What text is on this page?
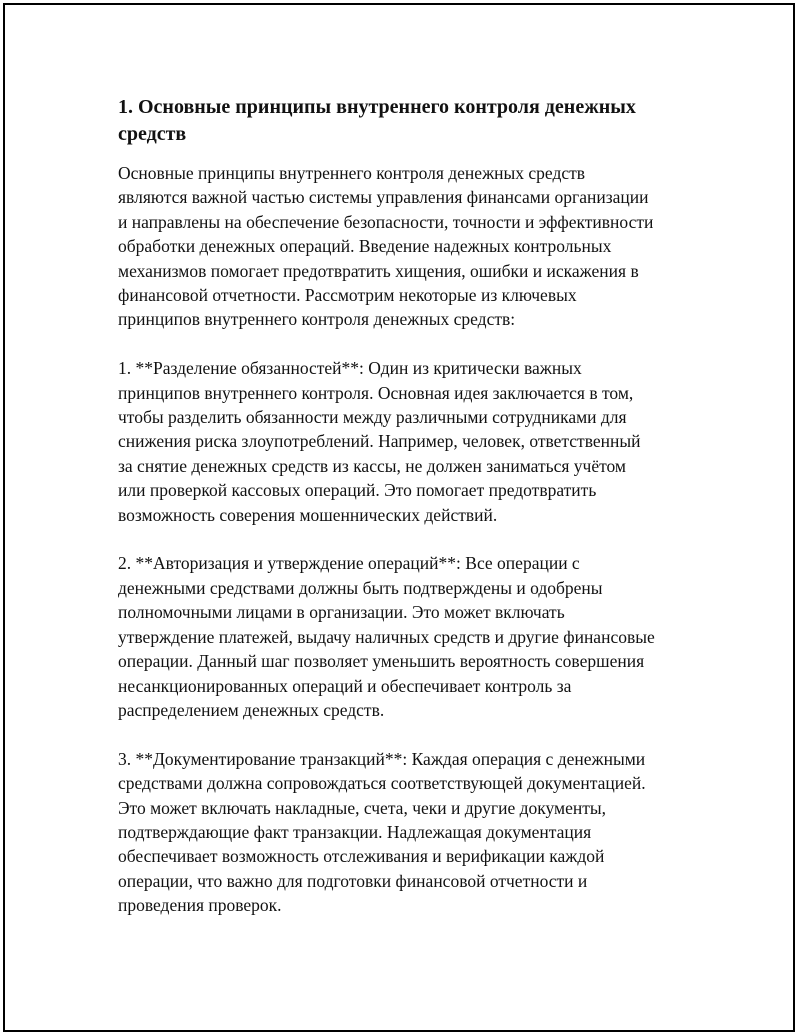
1. Основные принципы внутреннего контроля денежных
средств

Основные принципы внутреннего контроля денежных средств
являются важной частью системы управления финансами организации
и направлены на обеспечение безопасности, точности и эффективности
обработки денежных операций. Введение надежных контрольных
механизмов помогает предотвратить хищения, ошибки и искажения в
финансовой отчетности. Рассмотрим некоторые из ключевых
принципов внутреннего контроля денежных средств:

1. **Разделение обязанностей**: Один из критически важных
принципов внутреннего контроля. Основная идея заключается в том,
чтобы разделить обязанности между различными сотрудниками для
снижения риска злоупотреблений. Например, человек, ответственный
за снятие денежных средств из кассы, не должен заниматься учётом
или проверкой кассовых операций. Это помогает предотвратить
возможность соверения мошеннических действий.

2. **Авторизация и утверждение операций**: Все операции с
денежными средствами должны быть подтверждены и одобрены
полномочными лицами в организации. Это может включать
утверждение платежей, выдачу наличных средств и другие финансовые
операции. Данный шаг позволяет уменьшить вероятность совершения
несанкционированных операций и обеспечивает контроль за
распределением денежных средств.

3. **Документирование транзакций**: Каждая операция с денежными
средствами должна сопровождаться соответствующей документацией.
Это может включать накладные, счета, чеки и другие документы,
подтверждающие факт транзакции. Надлежащая документация
обеспечивает возможность отслеживания и верификации каждой
операции, что важно для подготовки финансовой отчетности и
проведения проверок.
